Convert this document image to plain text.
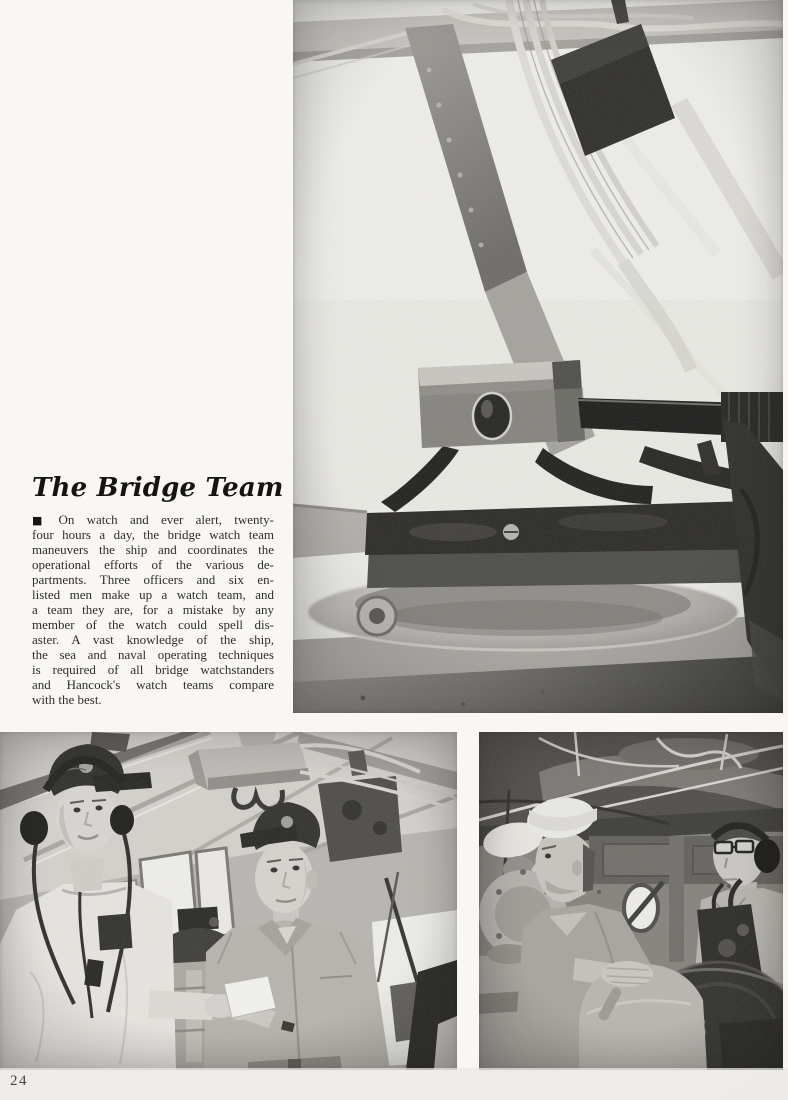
The Bridge Team
■ On watch and ever alert, twenty-
four hours a day, the bridge watch team
maneuvers the ship and coordinates the
operational efforts of the various de-
partments. Three officers and six en-
listed men make up a watch team, and
a team they are, for a mistake by any
member of the watch could spell dis-
aster. A vast knowledge of the ship,
the sea and naval operating techniques
is required of all bridge watchstanders
and Hancock's watch teams compare
with the best.
24
